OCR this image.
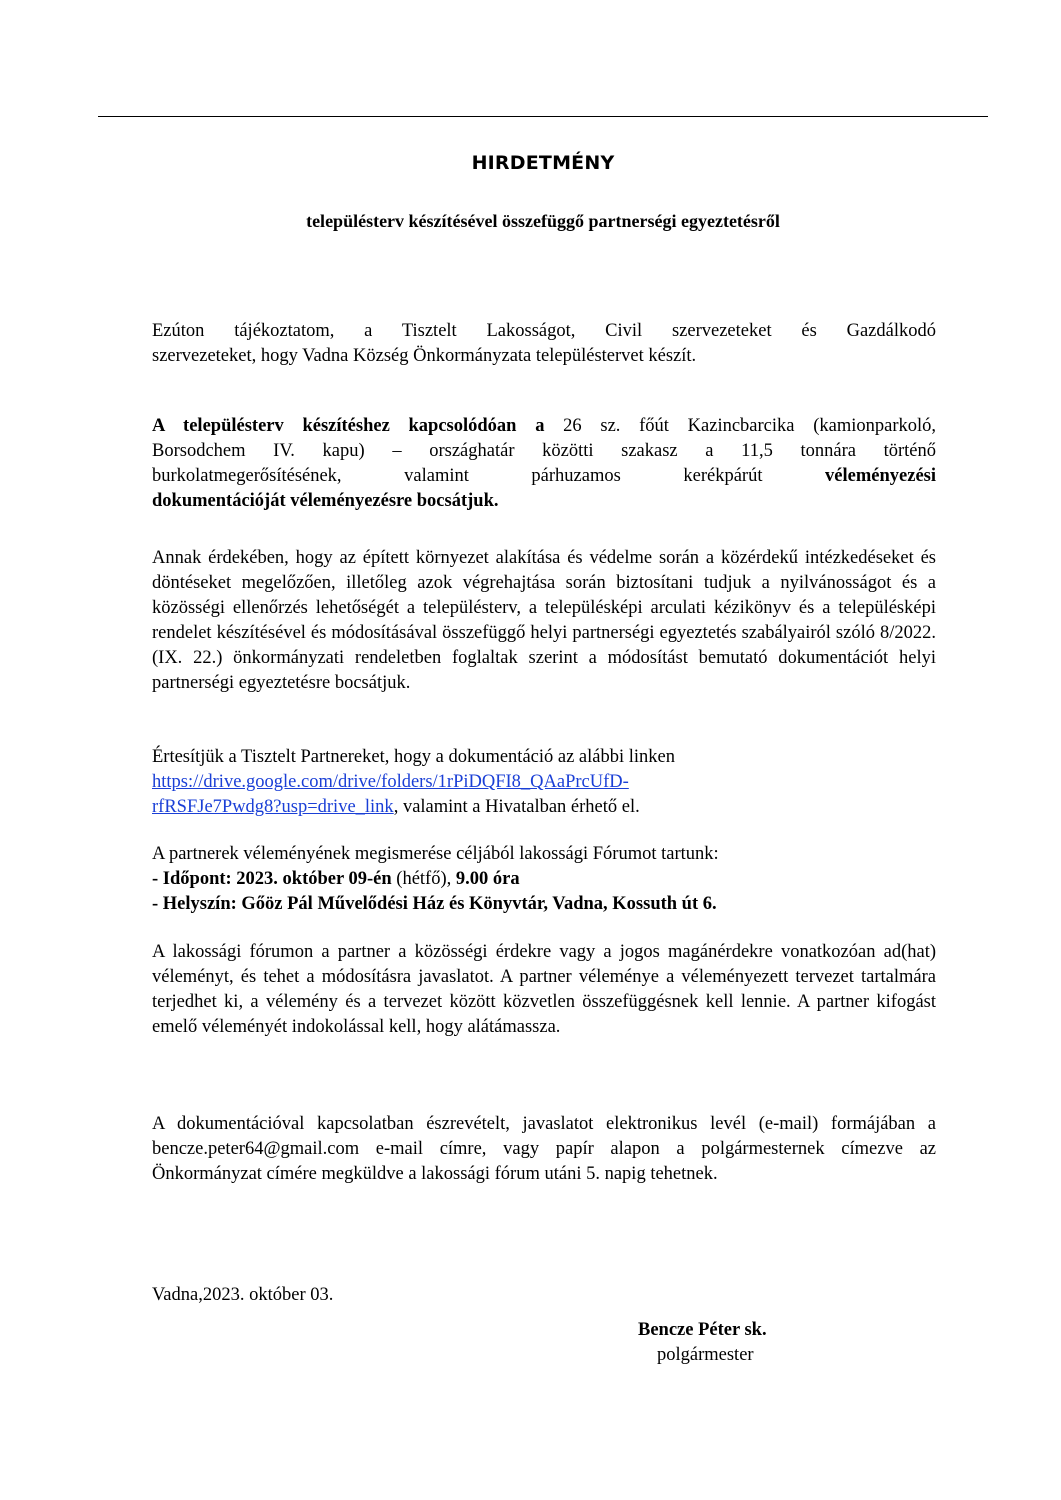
HIRDETMÉNY
településterv készítésével összefüggő partnerségi egyeztetésről
Ezúton tájékoztatom, a Tisztelt Lakosságot, Civil szervezeteket és Gazdálkodó
szervezeteket, hogy Vadna Község Önkormányzata településtervet készít.
A településterv készítéshez kapcsolódóan a 26 sz. főút Kazincbarcika (kamionparkoló,
Borsodchem IV. kapu) – országhatár közötti szakasz a 11,5 tonnára történő
burkolatmegerősítésének, valamint párhuzamos kerékpárút véleményezési
dokumentációját véleményezésre bocsátjuk.
Annak érdekében, hogy az épített környezet alakítása és védelme során a közérdekű intézkedéseket és döntéseket megelőzően, illetőleg azok végrehajtása során biztosítani tudjuk a nyilvánosságot és a közösségi ellenőrzés lehetőségét a településterv, a településképi arculati kézikönyv és a településképi rendelet készítésével és módosításával összefüggő helyi partnerségi egyeztetés szabályairól szóló 8/2022. (IX. 22.) önkormányzati rendeletben foglaltak szerint a módosítást bemutató dokumentációt helyi partnerségi egyeztetésre bocsátjuk.
Értesítjük a Tisztelt Partnereket, hogy a dokumentáció az alábbi linken
https://drive.google.com/drive/folders/1rPiDQFI8_QAaPrcUfD-
rfRSFJe7Pwdg8?usp=drive_link, valamint a Hivatalban érhető el.
A partnerek véleményének megismerése céljából lakossági Fórumot tartunk:
- Időpont: 2023. október 09-én (hétfő), 9.00 óra
- Helyszín: Gőöz Pál Művelődési Ház és Könyvtár, Vadna, Kossuth út 6.
A lakossági fórumon a partner a közösségi érdekre vagy a jogos magánérdekre vonatkozóan ad(hat) véleményt, és tehet a módosításra javaslatot. A partner véleménye a véleményezett tervezet tartalmára terjedhet ki, a vélemény és a tervezet között közvetlen összefüggésnek kell lennie. A partner kifogást emelő véleményét indokolással kell, hogy alátámassza.
A dokumentációval kapcsolatban észrevételt, javaslatot elektronikus levél (e-mail) formájában a bencze.peter64@gmail.com e-mail címre, vagy papír alapon a polgármesternek címezve az Önkormányzat címére megküldve a lakossági fórum utáni 5. napig tehetnek.
Vadna,2023. október 03.
Bencze Péter sk.
polgármester
